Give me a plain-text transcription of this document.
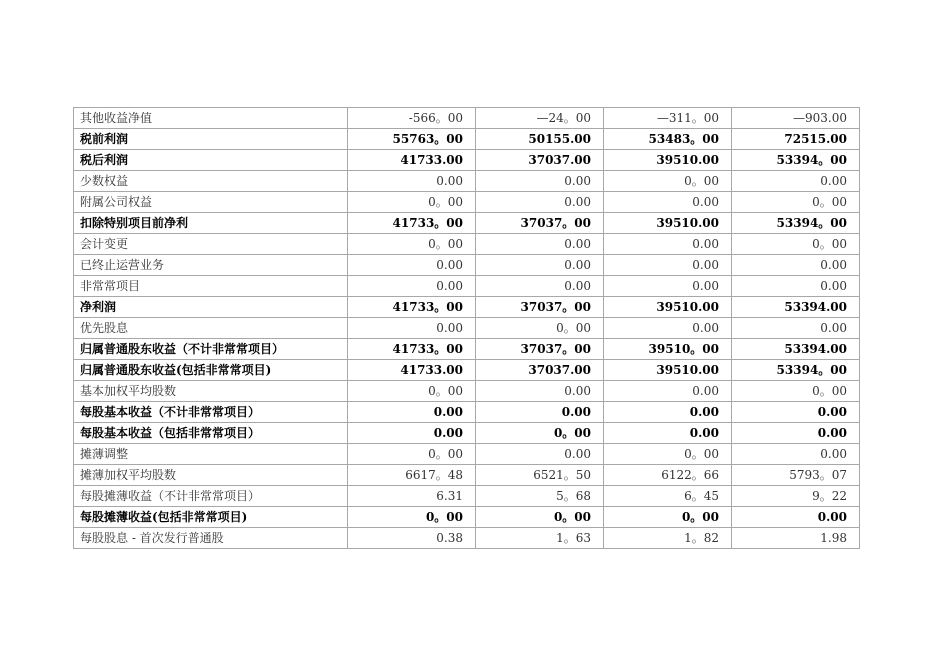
其他收益净值	-566。00	—24。00	—311。00	—903.00
税前利润	55763。00	50155.00	53483。00	72515.00
税后利润	41733.00	37037.00	39510.00	53394。00
少数权益	0.00	0.00	0。00	0.00
附属公司权益	0。00	0.00	0.00	0。00
扣除特别项目前净利	41733。00	37037。00	39510.00	53394。00
会计变更	0。00	0.00	0.00	0。00
已终止运营业务	0.00	0.00	0.00	0.00
非常常项目	0.00	0.00	0.00	0.00
净利润	41733。00	37037。00	39510.00	53394.00
优先股息	0.00	0。00	0.00	0.00
归属普通股东收益（不计非常常项目）	41733。00	37037。00	39510。00	53394.00
归属普通股东收益(包括非常常项目)	41733.00	37037.00	39510.00	53394。00
基本加权平均股数	0。00	0.00	0.00	0。00
每股基本收益（不计非常常项目）	0.00	0.00	0.00	0.00
每股基本收益（包括非常常项目）	0.00	0。00	0.00	0.00
摊薄调整	0。00	0.00	0。00	0.00
摊薄加权平均股数	6617。48	6521。50	6122。66	5793。07
每股摊薄收益（不计非常常项目）	6.31	5。68	6。45	9。22
每股摊薄收益(包括非常常项目)	0。00	0。00	0。00	0.00
每股股息 - 首次发行普通股	0.38	1。63	1。82	1.98
